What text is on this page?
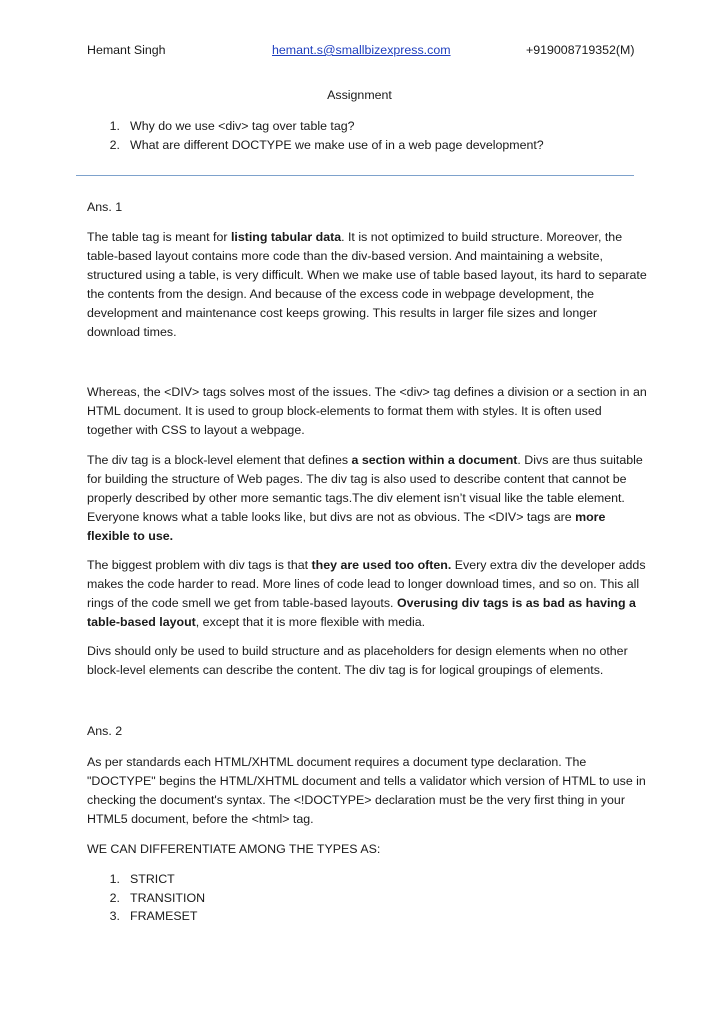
Hemant Singh	hemant.s@smallbizexpress.com	+919008719352(M)
Assignment
1. Why do we use <div> tag over table tag?
2. What are different DOCTYPE we make use of in a web page development?
Ans. 1
The table tag is meant for listing tabular data. It is not optimized to build structure. Moreover, the table-based layout contains more code than the div-based version. And maintaining a website, structured using a table, is very difficult. When we make use of table based layout, its hard to separate the contents from the design. And because of the excess code in webpage development, the development and maintenance cost keeps growing. This results in larger file sizes and longer download times.
Whereas, the <DIV> tags solves most of the issues. The <div> tag defines a division or a section in an HTML document. It is used to group block-elements to format them with styles. It is often used together with CSS to layout a webpage.
The div tag is a block-level element that defines a section within a document. Divs are thus suitable for building the structure of Web pages. The div tag is also used to describe content that cannot be properly described by other more semantic tags.The div element isn’t visual like the table element. Everyone knows what a table looks like, but divs are not as obvious. The <DIV> tags are more flexible to use.
The biggest problem with div tags is that they are used too often. Every extra div the developer adds makes the code harder to read. More lines of code lead to longer download times, and so on. This all rings of the code smell we get from table-based layouts. Overusing div tags is as bad as having a table-based layout, except that it is more flexible with media.
Divs should only be used to build structure and as placeholders for design elements when no other block-level elements can describe the content. The div tag is for logical groupings of elements.
Ans. 2
As per standards each HTML/XHTML document requires a document type declaration. The "DOCTYPE" begins the HTML/XHTML document and tells a validator which version of HTML to use in checking the document's syntax. The <!DOCTYPE> declaration must be the very first thing in your HTML5 document, before the <html> tag.
WE CAN DIFFERENTIATE AMONG THE TYPES AS:
1. STRICT
2. TRANSITION
3. FRAMESET
